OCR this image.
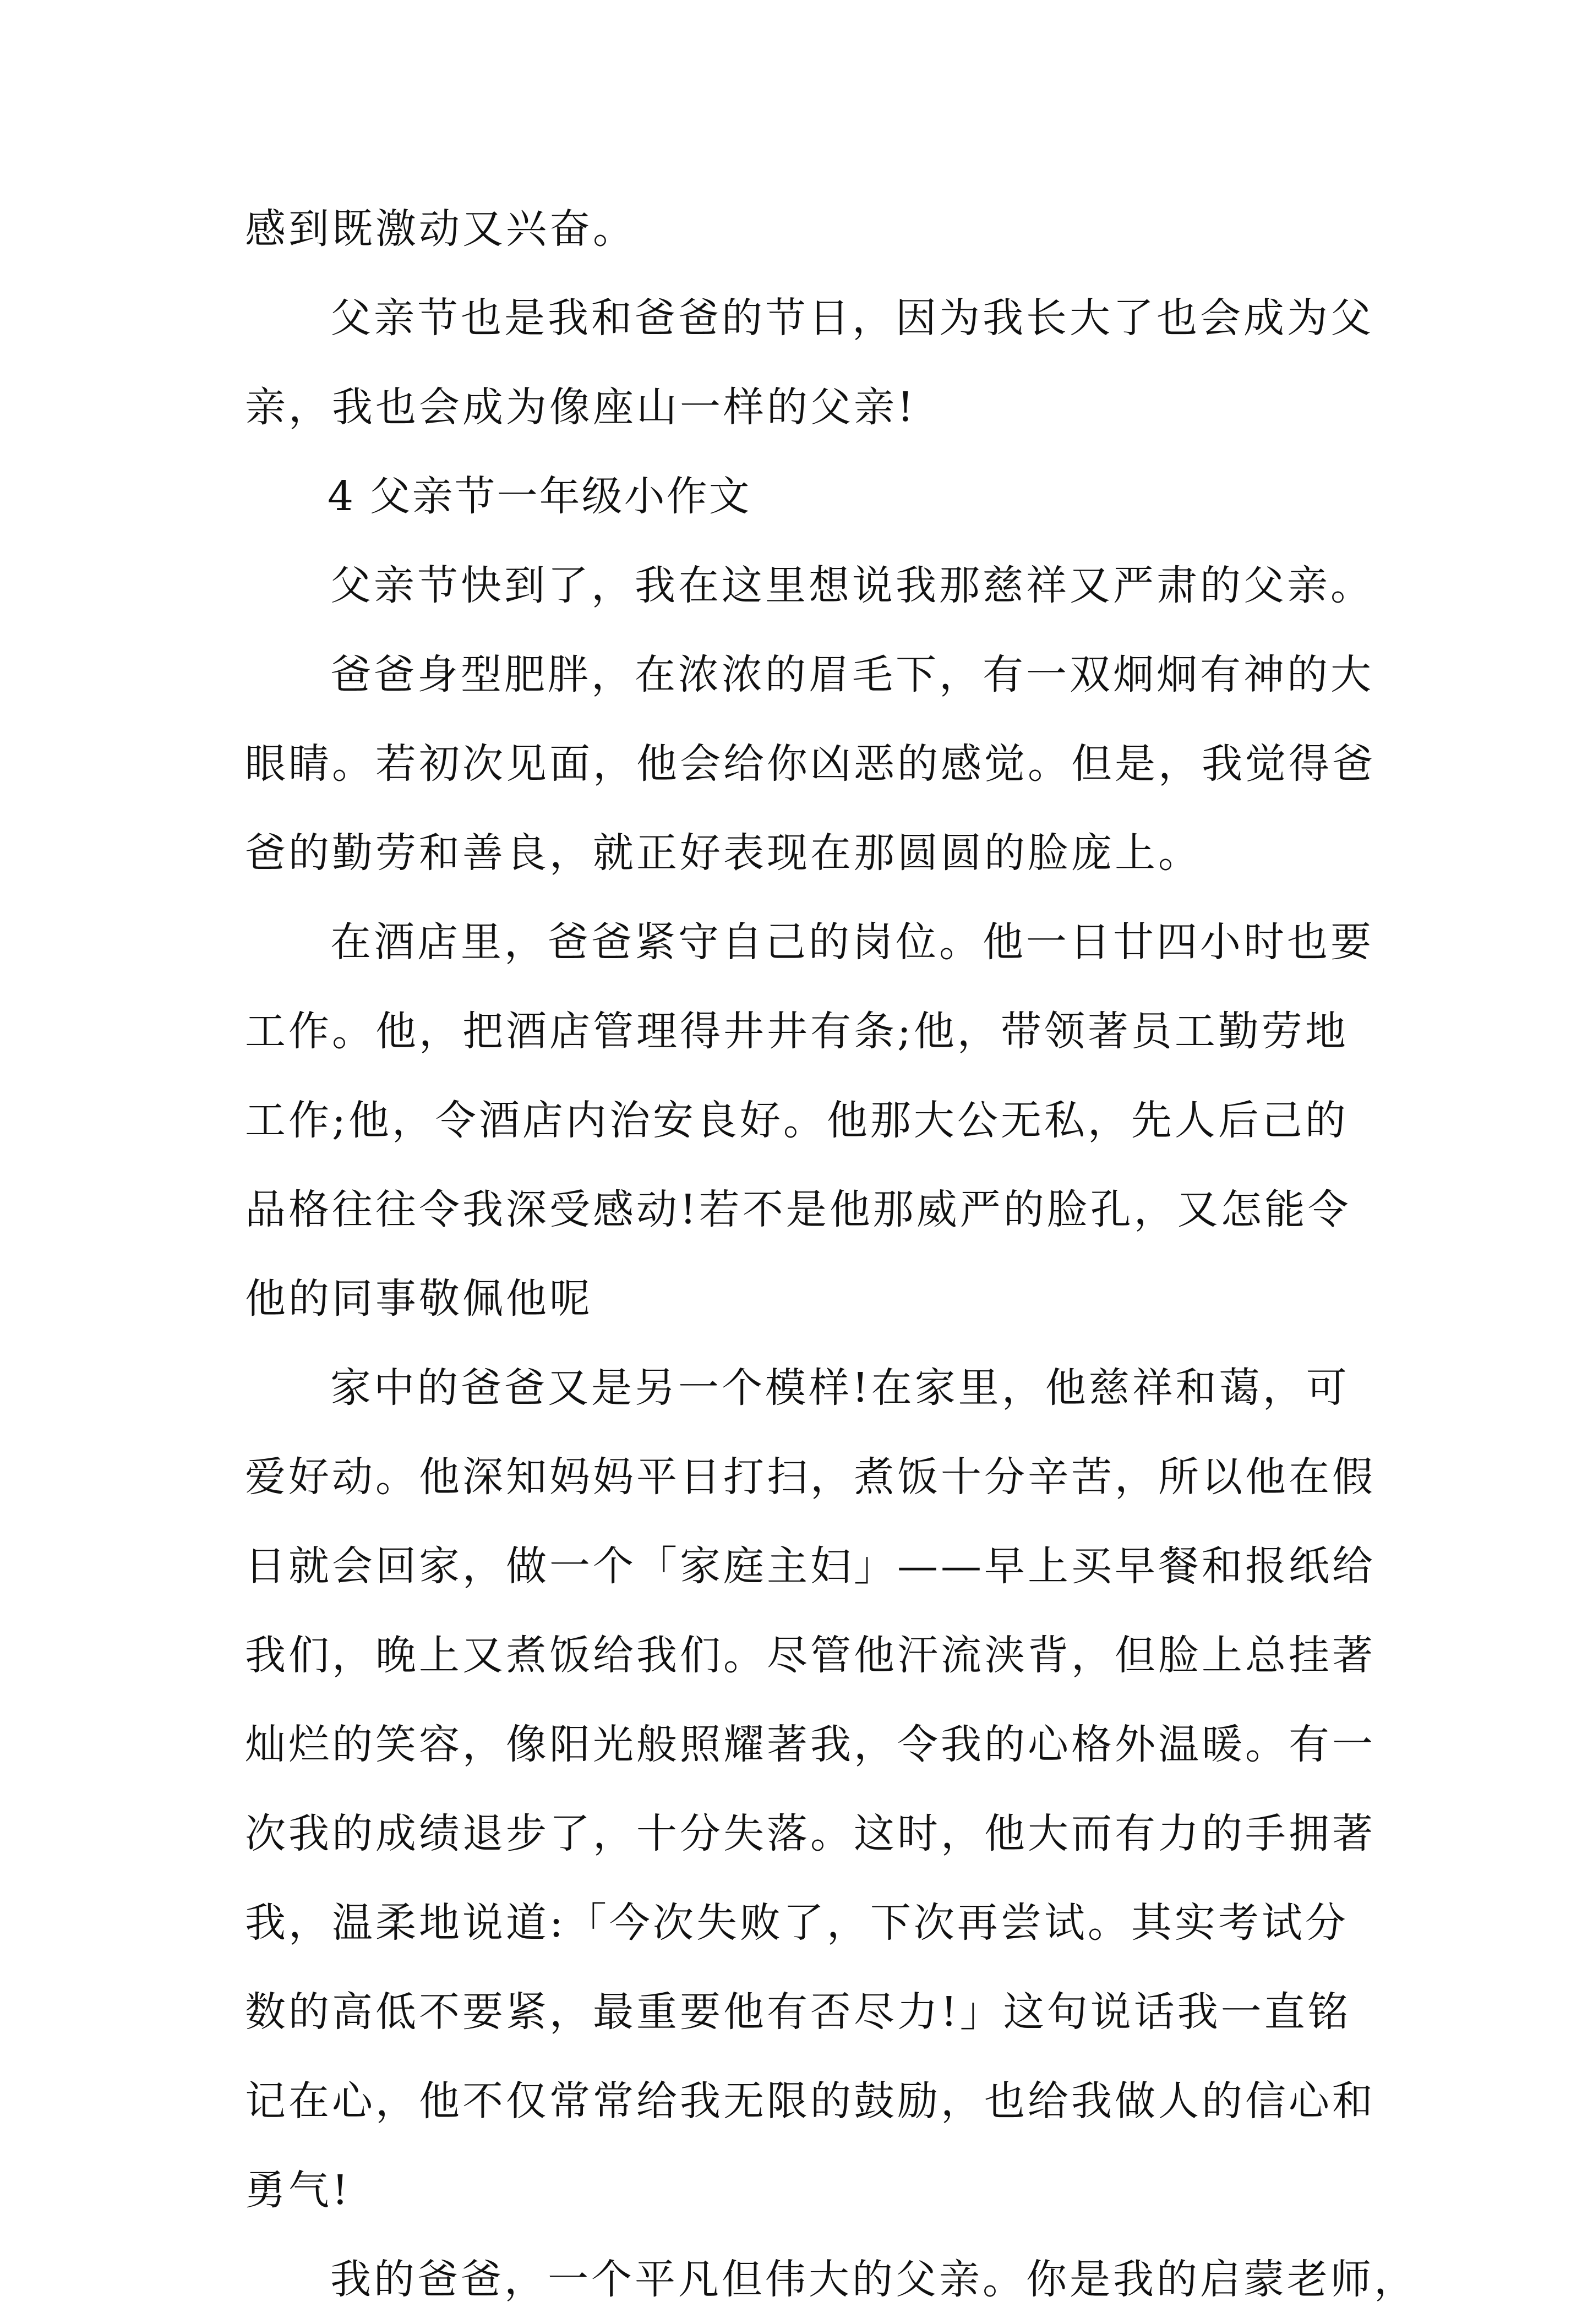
感到既激动又兴奋。
父亲节也是我和爸爸的节日，因为我长大了也会成为父
亲，我也会成为像座山一样的父亲!
4 父亲节一年级小作文
父亲节快到了，我在这里想说我那慈祥又严肃的父亲。
爸爸身型肥胖，在浓浓的眉毛下，有一双炯炯有神的大
眼睛。若初次见面，他会给你凶恶的感觉。但是，我觉得爸
爸的勤劳和善良，就正好表现在那圆圆的脸庞上。
在酒店里，爸爸紧守自己的岗位。他一日廿四小时也要
工作。他，把酒店管理得井井有条;他，带领著员工勤劳地
工作;他，令酒店内治安良好。他那大公无私，先人后己的
品格往往令我深受感动!若不是他那威严的脸孔，又怎能令
他的同事敬佩他呢
家中的爸爸又是另一个模样!在家里，他慈祥和蔼，可
爱好动。他深知妈妈平日打扫，煮饭十分辛苦，所以他在假
日就会回家，做一个「家庭主妇」——早上买早餐和报纸给
我们，晚上又煮饭给我们。尽管他汗流浃背，但脸上总挂著
灿烂的笑容，像阳光般照耀著我，令我的心格外温暖。有一
次我的成绩退步了，十分失落。这时，他大而有力的手拥著
我，温柔地说道:「今次失败了，下次再尝试。其实考试分
数的高低不要紧，最重要他有否尽力!」这句说话我一直铭
记在心，他不仅常常给我无限的鼓励，也给我做人的信心和
勇气!
我的爸爸，一个平凡但伟大的父亲。你是我的启蒙老师，
